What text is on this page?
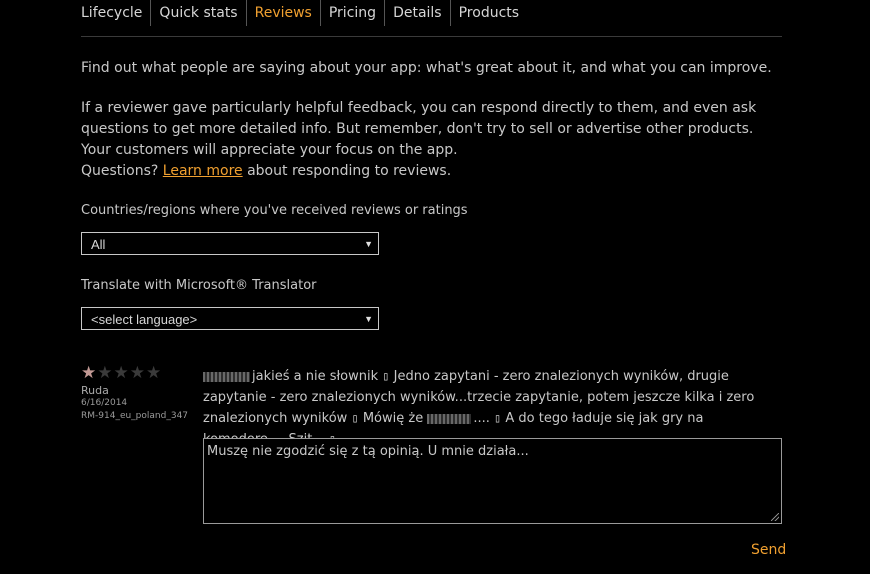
Lifecycle	Quick stats	Reviews	Pricing	Details	Products

Find out what people are saying about your app: what's great about it, and what you can improve.

If a reviewer gave particularly helpful feedback, you can respond directly to them, and even ask questions to get more detailed info. But remember, don't try to sell or advertise other products. Your customers will appreciate your focus on the app.

Questions? Learn more about responding to reviews.

Countries/regions where you've received reviews or ratings
All	▼
Translate with Microsoft® Translator
<select language>	▼
★ ★ ★ ★ ★
Ruda
6/16/2014
RM-914_eu_poland_347
jakieś a nie słownik ▯ Jedno zapytani - zero znalezionych wyników, drugie zapytanie - zero znalezionych wyników...trzecie zapytanie, potem jeszcze kilka i zero znalezionych wyników ▯ Mówię że	.... ▯ A do tego ładuje się jak gry na
Muszę nie zgodzić się z tą opinią. U mnie działa...
Send
